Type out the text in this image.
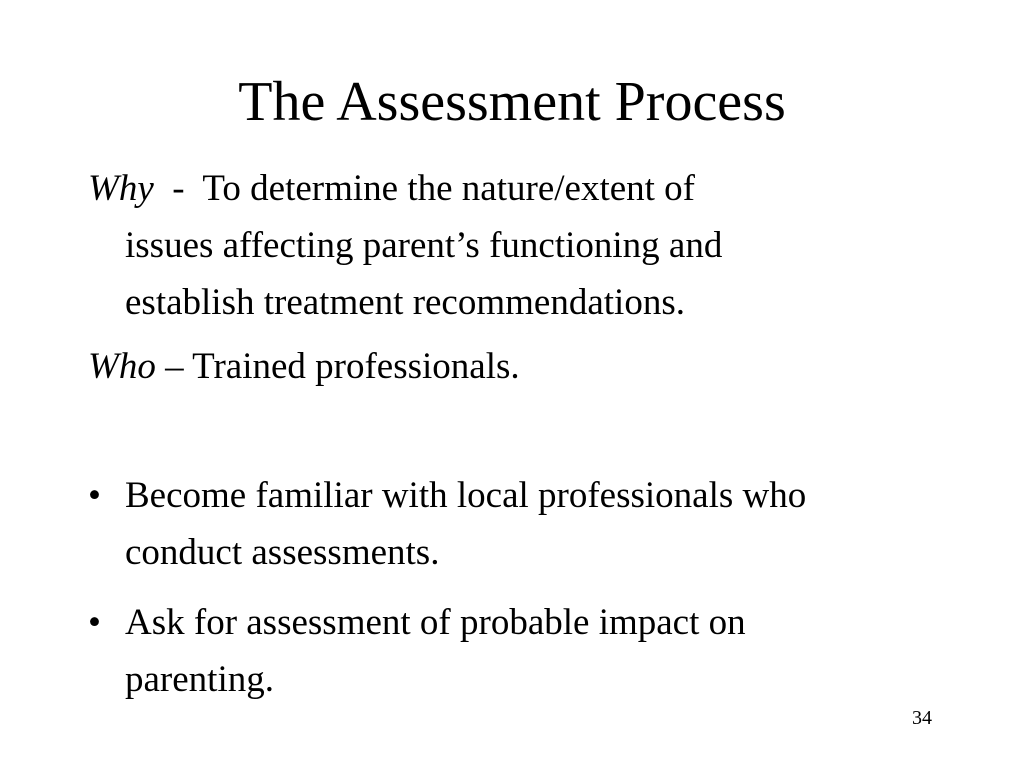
The Assessment Process
Why  -  To determine the nature/extent of
issues affecting parent’s functioning and
establish treatment recommendations.
Who – Trained professionals.
• Become familiar with local professionals who
conduct assessments.
• Ask for assessment of probable impact on
parenting.
34
